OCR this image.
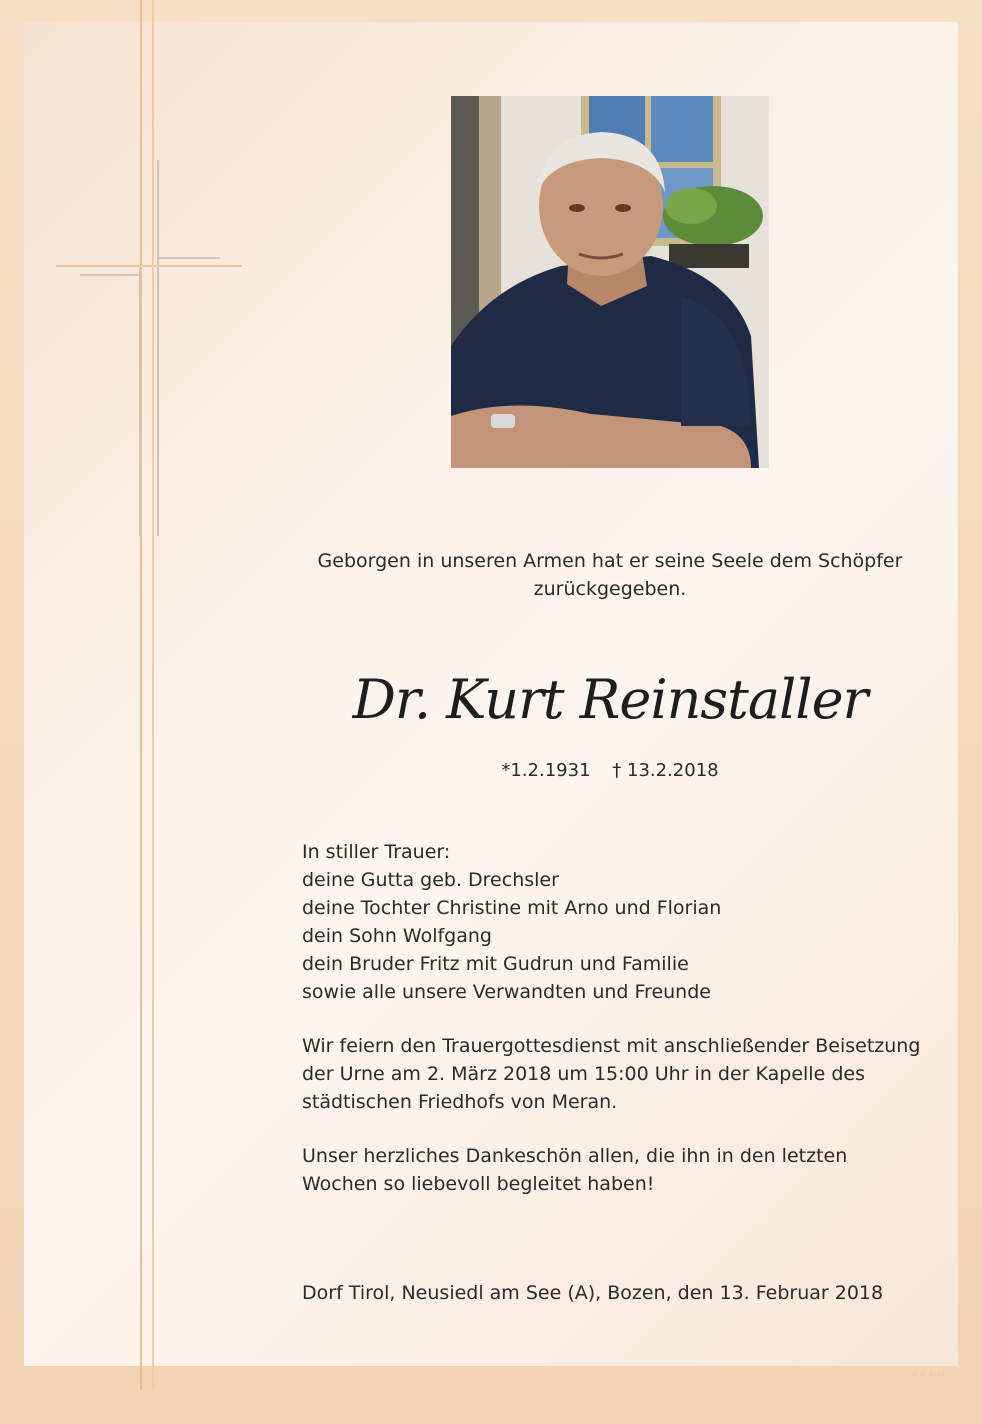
Geborgen in unseren Armen hat er seine Seele dem Schöpfer
zurückgegeben.
Dr. Kurt Reinstaller
*1.2.1931 † 13.2.2018
In stiller Trauer:
deine Gutta geb. Drechsler
deine Tochter Christine mit Arno und Florian
dein Sohn Wolfgang
dein Bruder Fritz mit Gudrun und Familie
sowie alle unsere Verwandten und Freunde
Wir feiern den Trauergottesdienst mit anschließender Beisetzung
der Urne am 2. März 2018 um 15:00 Uhr in der Kapelle des
städtischen Friedhofs von Meran.
Unser herzliches Dankeschön allen, die ihn in den letzten
Wochen so liebevoll begleitet haben!
Dorf Tirol, Neusiedl am See (A), Bozen, den 13. Februar 2018
© SF 9120
